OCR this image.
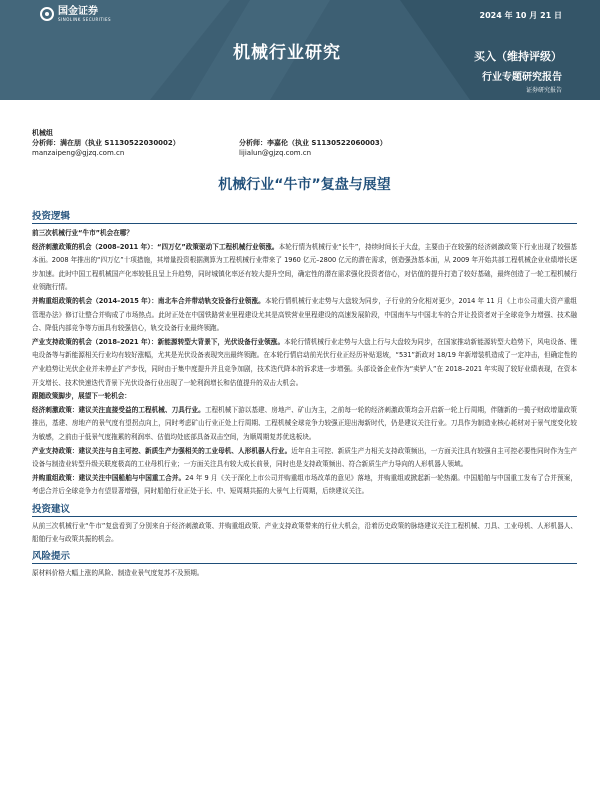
国金证券
SINOLINK SECURITIES	2024 年 10 月 21 日
机械行业研究	买入（维持评级）
行业专题研究报告
证券研究报告
机械组
分析师：满在朋（执业 S1130522030002）	分析师：李嘉伦（执业 S1130522060003）
manzaipeng@gjzq.com.cn	lijialun@gjzq.com.cn
机械行业“牛市”复盘与展望
投资逻辑

前三次机械行业“牛市”机会在哪？

经济刺激政策的机会（2008–2011 年）：“四万亿”政策驱动下工程机械行业领涨。本轮行情为机械行业“长牛”，持续时间长于大盘，主要由于在较强的经济刺激政策下行业出现了较强基本面。2008 年推出的“四万亿”十项措施，其增量投资根据测算为工程机械行业带来了 1960 亿元–2800 亿元的潜在需求，创造强劲基本面，从 2009 年开始共部工程机械企业业绩增长逐步加速。此时中国工程机械国产化率较低且呈上升趋势，同时城镇化率还有较大提升空间，确定性的潜在需求强化投资者信心，对估值的提升打造了较好基础，最终创造了一轮工程机械行业领跑行情。

并购重组政策的机会（2014–2015 年）：南北车合并带动轨交设备行业领涨。本轮行情机械行业走势与大盘较为同步，子行业的分化相对更少，2014 年 11 月《上市公司重大资产重组管理办法》修订让整合并购成了市场热点。此时正处在中国铁路营业里程建设尤其是高铁营业里程建设的高速发展阶段，中国南车与中国北车的合并让投资者对于全球竞争力增强、技术融合、降低内部竞争等方面具有较强信心，轨交设备行业最终领跑。

产业支持政策的机会（2018–2021 年）：新能源转型大背景下，光伏设备行业领涨。本轮行情机械行业走势与大盘上行与大盘较为同步，在国家推动新能源转型大趋势下，风电设备、锂电设备等与新能源相关行业均有较好涨幅，尤其是光伏设备表现突出最终领跑。在本轮行情启动前光伏行业正经历补贴退坡，“531”新政对 18/19 年新增装机造成了一定冲击，但确定性的产业趋势让光伏企业并未停止扩产步伐，同时由于集中度提升并且竞争加剧，技术迭代降本的诉求进一步增强。头部设备企业作为“卖铲人”在 2018–2021 年实现了较好业绩表现，在资本开支增长、技术快速迭代背景下光伏设备行业出现了一轮利润增长和估值提升的双击大机会。

跟随政策脚步，展望下一轮机会：

经济刺激政策：建议关注直接受益的工程机械、刀具行业。工程机械下游以基建、房地产、矿山为主，之前每一轮的经济刺激政策均会开启新一轮上行周期，伴随新的一揽子财政增量政策推出，基建、房地产的景气度有望拐点向上，同时考虑矿山行业正处上行周期、工程机械全球竞争力较强正迎出海新时代，仍是建议关注行业。刀具作为制造业核心耗材对于景气度变化较为敏感，之前由于低景气度拖累的利润率、估值均处底部具备双击空间，为顺周期复苏优选板块。

产业支持政策：建议关注与自主可控、新质生产力强相关的工业母机、人形机器人行业。近年自主可控、新质生产力相关支持政策频出，一方面关注具有较强自主可控必要性同时作为生产设备与制造业转型升级关联度极高的工业母机行业；一方面关注具有较大成长前景，同时也是支持政策频出、符合新质生产力导向的人形机器人领域。

并购重组政策：建议关注中国船舶与中国重工合并。24 年 9 月《关于深化上市公司并购重组市场改革的意见》落地，并购重组或掀起新一轮热潮。中国船舶与中国重工发布了合并预案，考虑合并后全球竞争力有望显著增强，同时船舶行业正处于长、中、短周期共振的大景气上行周期，后续建议关注。

投资建议

从前三次机械行业“牛市”复盘看到了分别来自于经济刺激政策、并购重组政策、产业支持政策带来的行业大机会，沿着历史政策的脉络建议关注工程机械、刀具、工业母机、人形机器人、船舶行业与政策共振的机会。

风险提示

原材料价格大幅上涨的风险、制造业景气度复苏不及预期。
